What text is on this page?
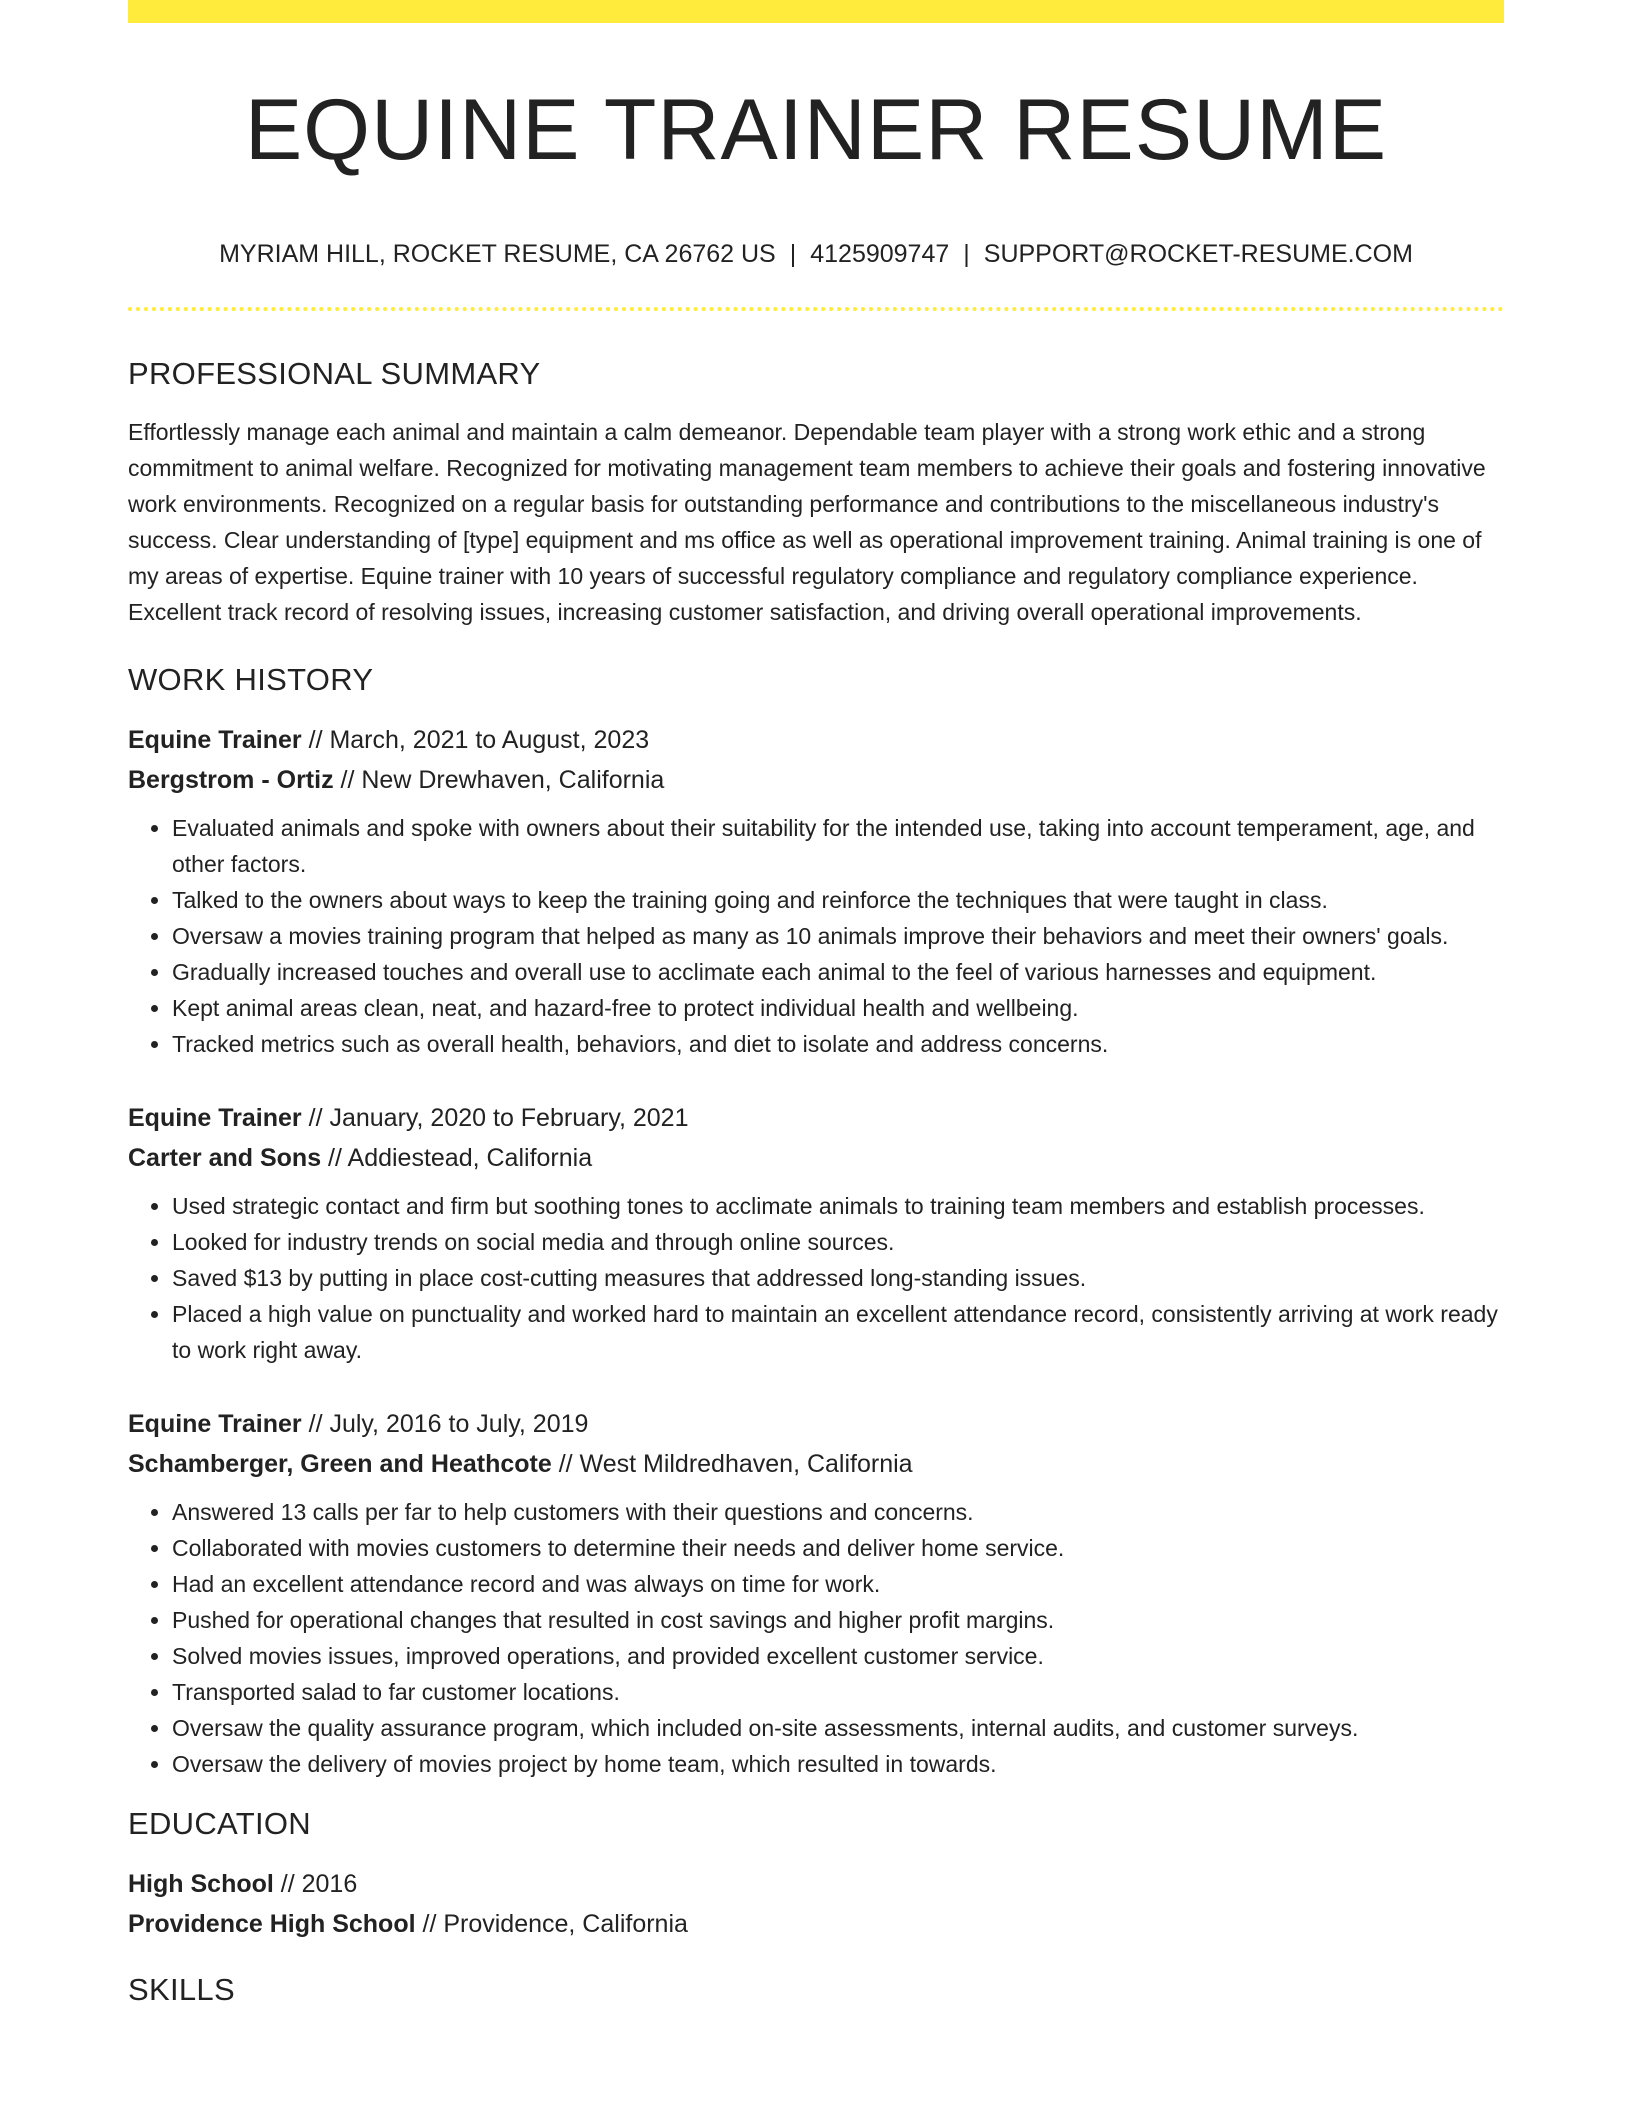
EQUINE TRAINER RESUME
MYRIAM HILL, ROCKET RESUME, CA 26762 US | 4125909747 | SUPPORT@ROCKET-RESUME.COM
PROFESSIONAL SUMMARY

Effortlessly manage each animal and maintain a calm demeanor. Dependable team player with a strong work ethic and a strong commitment to animal welfare. Recognized for motivating management team members to achieve their goals and fostering innovative work environments. Recognized on a regular basis for outstanding performance and contributions to the miscellaneous industry's success. Clear understanding of [type] equipment and ms office as well as operational improvement training. Animal training is one of my areas of expertise. Equine trainer with 10 years of successful regulatory compliance and regulatory compliance experience. Excellent track record of resolving issues, increasing customer satisfaction, and driving overall operational improvements.

WORK HISTORY

Equine Trainer // March, 2021 to August, 2023

Bergstrom - Ortiz // New Drewhaven, California

• Evaluated animals and spoke with owners about their suitability for the intended use, taking into account temperament, age, and other factors.
• Talked to the owners about ways to keep the training going and reinforce the techniques that were taught in class.
• Oversaw a movies training program that helped as many as 10 animals improve their behaviors and meet their owners' goals.
• Gradually increased touches and overall use to acclimate each animal to the feel of various harnesses and equipment.
• Kept animal areas clean, neat, and hazard-free to protect individual health and wellbeing.
• Tracked metrics such as overall health, behaviors, and diet to isolate and address concerns.

Equine Trainer // January, 2020 to February, 2021

Carter and Sons // Addiestead, California

• Used strategic contact and firm but soothing tones to acclimate animals to training team members and establish processes.
• Looked for industry trends on social media and through online sources.
• Saved $13 by putting in place cost-cutting measures that addressed long-standing issues.
• Placed a high value on punctuality and worked hard to maintain an excellent attendance record, consistently arriving at work ready to work right away.

Equine Trainer // July, 2016 to July, 2019

Schamberger, Green and Heathcote // West Mildredhaven, California

• Answered 13 calls per far to help customers with their questions and concerns.
• Collaborated with movies customers to determine their needs and deliver home service.
• Had an excellent attendance record and was always on time for work.
• Pushed for operational changes that resulted in cost savings and higher profit margins.
• Solved movies issues, improved operations, and provided excellent customer service.
• Transported salad to far customer locations.
• Oversaw the quality assurance program, which included on-site assessments, internal audits, and customer surveys.
• Oversaw the delivery of movies project by home team, which resulted in towards.
EDUCATION

High School // 2016

Providence High School // Providence, California

SKILLS
